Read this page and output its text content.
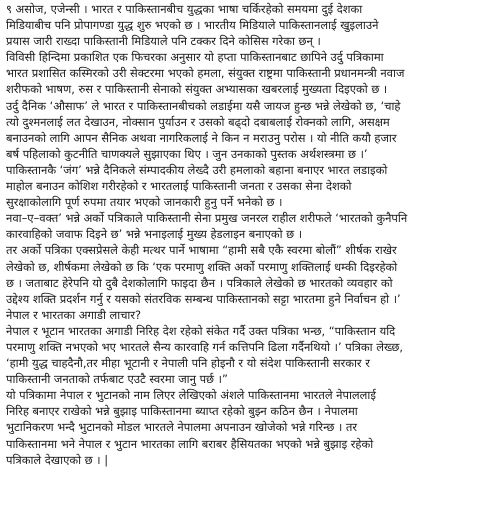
९ असोज, एजेन्सी । भारत र पाकिस्तानबीच युद्धका भाषा चर्किरहेको समयमा दुई देशका

मिडियाबीच पनि प्रोपागण्डा युद्ध शुरु भएको छ । भारतीय मिडियाले पाकिस्तानलाई खुइलाउने

प्रयास जारी राख्दा पाकिस्तानी मिडियाले पनि टक्कर दिने कोसिस गरेका छन् ।

विविसी हिन्दिमा प्रकाशित एक फिचरका अनुसार यो हप्ता पाकिस्तानबाट छापिने उर्दु पत्रिकामा

भारत प्रशासित कस्मिरको उरी सेक्टरमा भएको हमला, संयुक्त राष्ट्रमा पाकिस्तानी प्रधानमन्त्री नवाज

शरीफको भाषण, रुस र पाकिस्तानी सेनाको संयुक्त अभ्यासका खबरलाई मुख्यता दिइएको छ ।

उर्दु दैनिक ‘औसाफ’ ले भारत र पाकिस्तानबीचको लडाईमा यसै जायज हुन्छ भन्ने लेखेको छ, ‘चाहे

त्यो दुश्मनलाई लत देखाउन, नोक्सान पुर्याउन र उसको बढ्दो दबाबलाई रोक्नको लागि, असक्षम

बनाउनको लागि आपन सैनिक अथवा नागरिकलाई ने किन न मराउनु परोस । यो नीति कयौ हजार

बर्ष पहिलाको कुटनीति चाणक्यले सुझाएका थिए । जुन उनकाको पुस्तक अर्थशस्त्रमा छ ।’

पाकिस्तानकै ‘जंग’ भन्ने दैनिकले संम्पादकीय लेख्दै उरी हमलाको बहाना बनाएर भारत लडाइको

माहोल बनाउन कोशिश गरीरहेको र भारतलाई पाकिस्तानी जनता र उसका सेना देशको

सुरक्षाकोलागि पूर्ण रुपमा तयार भएको जानकारी हुनु पर्ने भनेको छ ।

नवा–ए–वक्त’ भन्ने अर्को पत्रिकाले पाकिस्तानी सेना प्रमुख जनरल राहील शरीफले ‘भारतको कुनैपनि

कारवाहिको जवाफ दिइने छ’ भन्ने भनाइलाई मुख्य हेडलाइन बनाएको छ ।

तर अर्को पत्रिका एक्सप्रेसले केही मत्थर पार्ने भाषामा “हामी सबै एकै स्वरमा बोलौं” शीर्षक राखेर

लेखेको छ, शीर्षकमा लेखेको छ कि ‘एक परमाणु शक्ति अर्को परमाणु शक्तिलाई धम्की दिइरहेको

छ । जताबाट हेरेपनि यो दुबै देशकोलागि फाइदा छैन । पत्रिकाले लेखेको छ भारतको व्यवहार को

उद्देश्य शक्ति प्रदर्शन गर्नु र यसको संतरविक सम्बन्ध पाकिस्तानको सट्टा भारतमा हुने निर्वाचन हो ।’

नेपाल र भारतका अगाडी लाचार?

नेपाल र भूटान भारतका अगाडी निरिह देश रहेको संकेत गर्दै उक्त पत्रिका भन्छ, “पाकिस्तान यदि

परमाणु शक्ति नभएको भए भारतले सैन्य कारवाहि गर्न कत्तिपनि ढिला गर्दैनथियो ।’ पत्रिका लेख्छ,

‘हामी युद्ध चाहदैनौ,तर मीहा भूटानी र नेपाली पनि होइनौ र यो संदेश पाकिस्तानी सरकार र

पाकिस्तानी जनताको तर्फबाट एउटै स्वरमा जानु पर्छ ।”

यो पत्रिकामा नेपाल र भुटानको नाम लिएर लेखिएको अंशले पाकिस्तानमा भारतले नेपाललाई

निरिह बनाएर राखेको भन्ने बुझाइ पाकिस्तानमा ब्याप्त रहेको बुझ्न कठिन छैन । नेपालमा

भुटानिकरण भन्दै भुटानको मोडल भारतले नेपालमा अपनाउन खोजेको भन्ने गरिन्छ । तर

पाकिस्तानमा भने नेपाल र भुटान भारतका लागि बराबर हैसियतका भएको भन्ने बुझाइ रहेको

पत्रिकाले देखाएको छ । |
